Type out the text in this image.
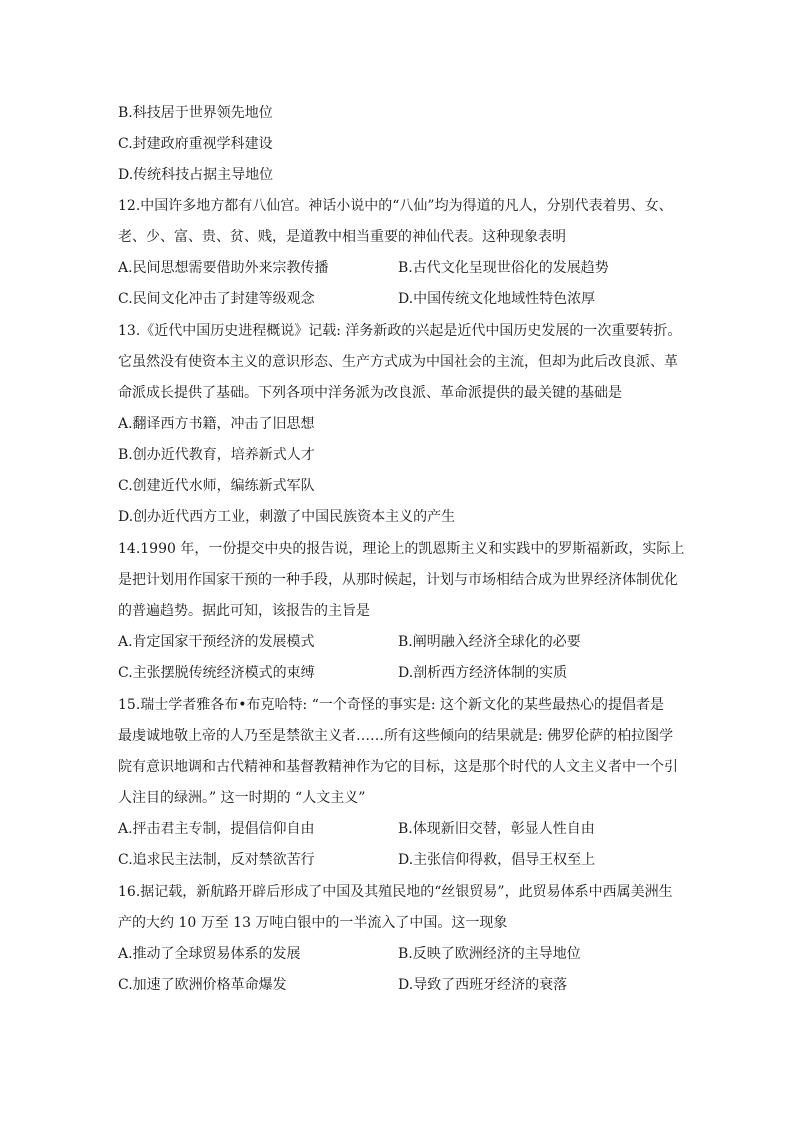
B.科技居于世界领先地位
C.封建政府重视学科建设
D.传统科技占据主导地位
12.中国许多地方都有八仙宫。神话小说中的“八仙”均为得道的凡人，分别代表着男、女、
老、少、富、贵、贫、贱，是道教中相当重要的神仙代表。这种现象表明
A.民间思想需要借助外来宗教传播	B.古代文化呈现世俗化的发展趋势
C.民间文化冲击了封建等级观念	D.中国传统文化地域性特色浓厚
13.《近代中国历史进程概说》记载: 洋务新政的兴起是近代中国历史发展的一次重要转折。
它虽然没有使资本主义的意识形态、生产方式成为中国社会的主流，但却为此后改良派、革
命派成长提供了基础。下列各项中洋务派为改良派、革命派提供的最关键的基础是
A.翻译西方书籍，冲击了旧思想
B.创办近代教育，培养新式人才
C.创建近代水师，编练新式军队
D.创办近代西方工业，刺激了中国民族资本主义的产生
14.1990 年，一份提交中央的报告说，理论上的凯恩斯主义和实践中的罗斯福新政，实际上
是把计划用作国家干预的一种手段，从那时候起，计划与市场相结合成为世界经济体制优化
的普遍趋势。据此可知，该报告的主旨是
A.肯定国家干预经济的发展模式	B.阐明融入经济全球化的必要
C.主张摆脱传统经济模式的束缚	D.剖析西方经济体制的实质
15.瑞士学者雅各布•布克哈特: “一个奇怪的事实是: 这个新文化的某些最热心的提倡者是
最虔诚地敬上帝的人乃至是禁欲主义者……所有这些倾向的结果就是: 佛罗伦萨的柏拉图学
院有意识地调和古代精神和基督教精神作为它的目标，这是那个时代的人文主义者中一个引
人注目的绿洲。” 这一时期的 “人文主义”
A.抨击君主专制，提倡信仰自由	B.体现新旧交替，彰显人性自由
C.追求民主法制，反对禁欲苦行	D.主张信仰得救，倡导王权至上
16.据记载，新航路开辟后形成了中国及其殖民地的“丝银贸易”，此贸易体系中西属美洲生
产的大约 10 万至 13 万吨白银中的一半流入了中国。这一现象
A.推动了全球贸易体系的发展	B.反映了欧洲经济的主导地位
C.加速了欧洲价格革命爆发	D.导致了西班牙经济的衰落
